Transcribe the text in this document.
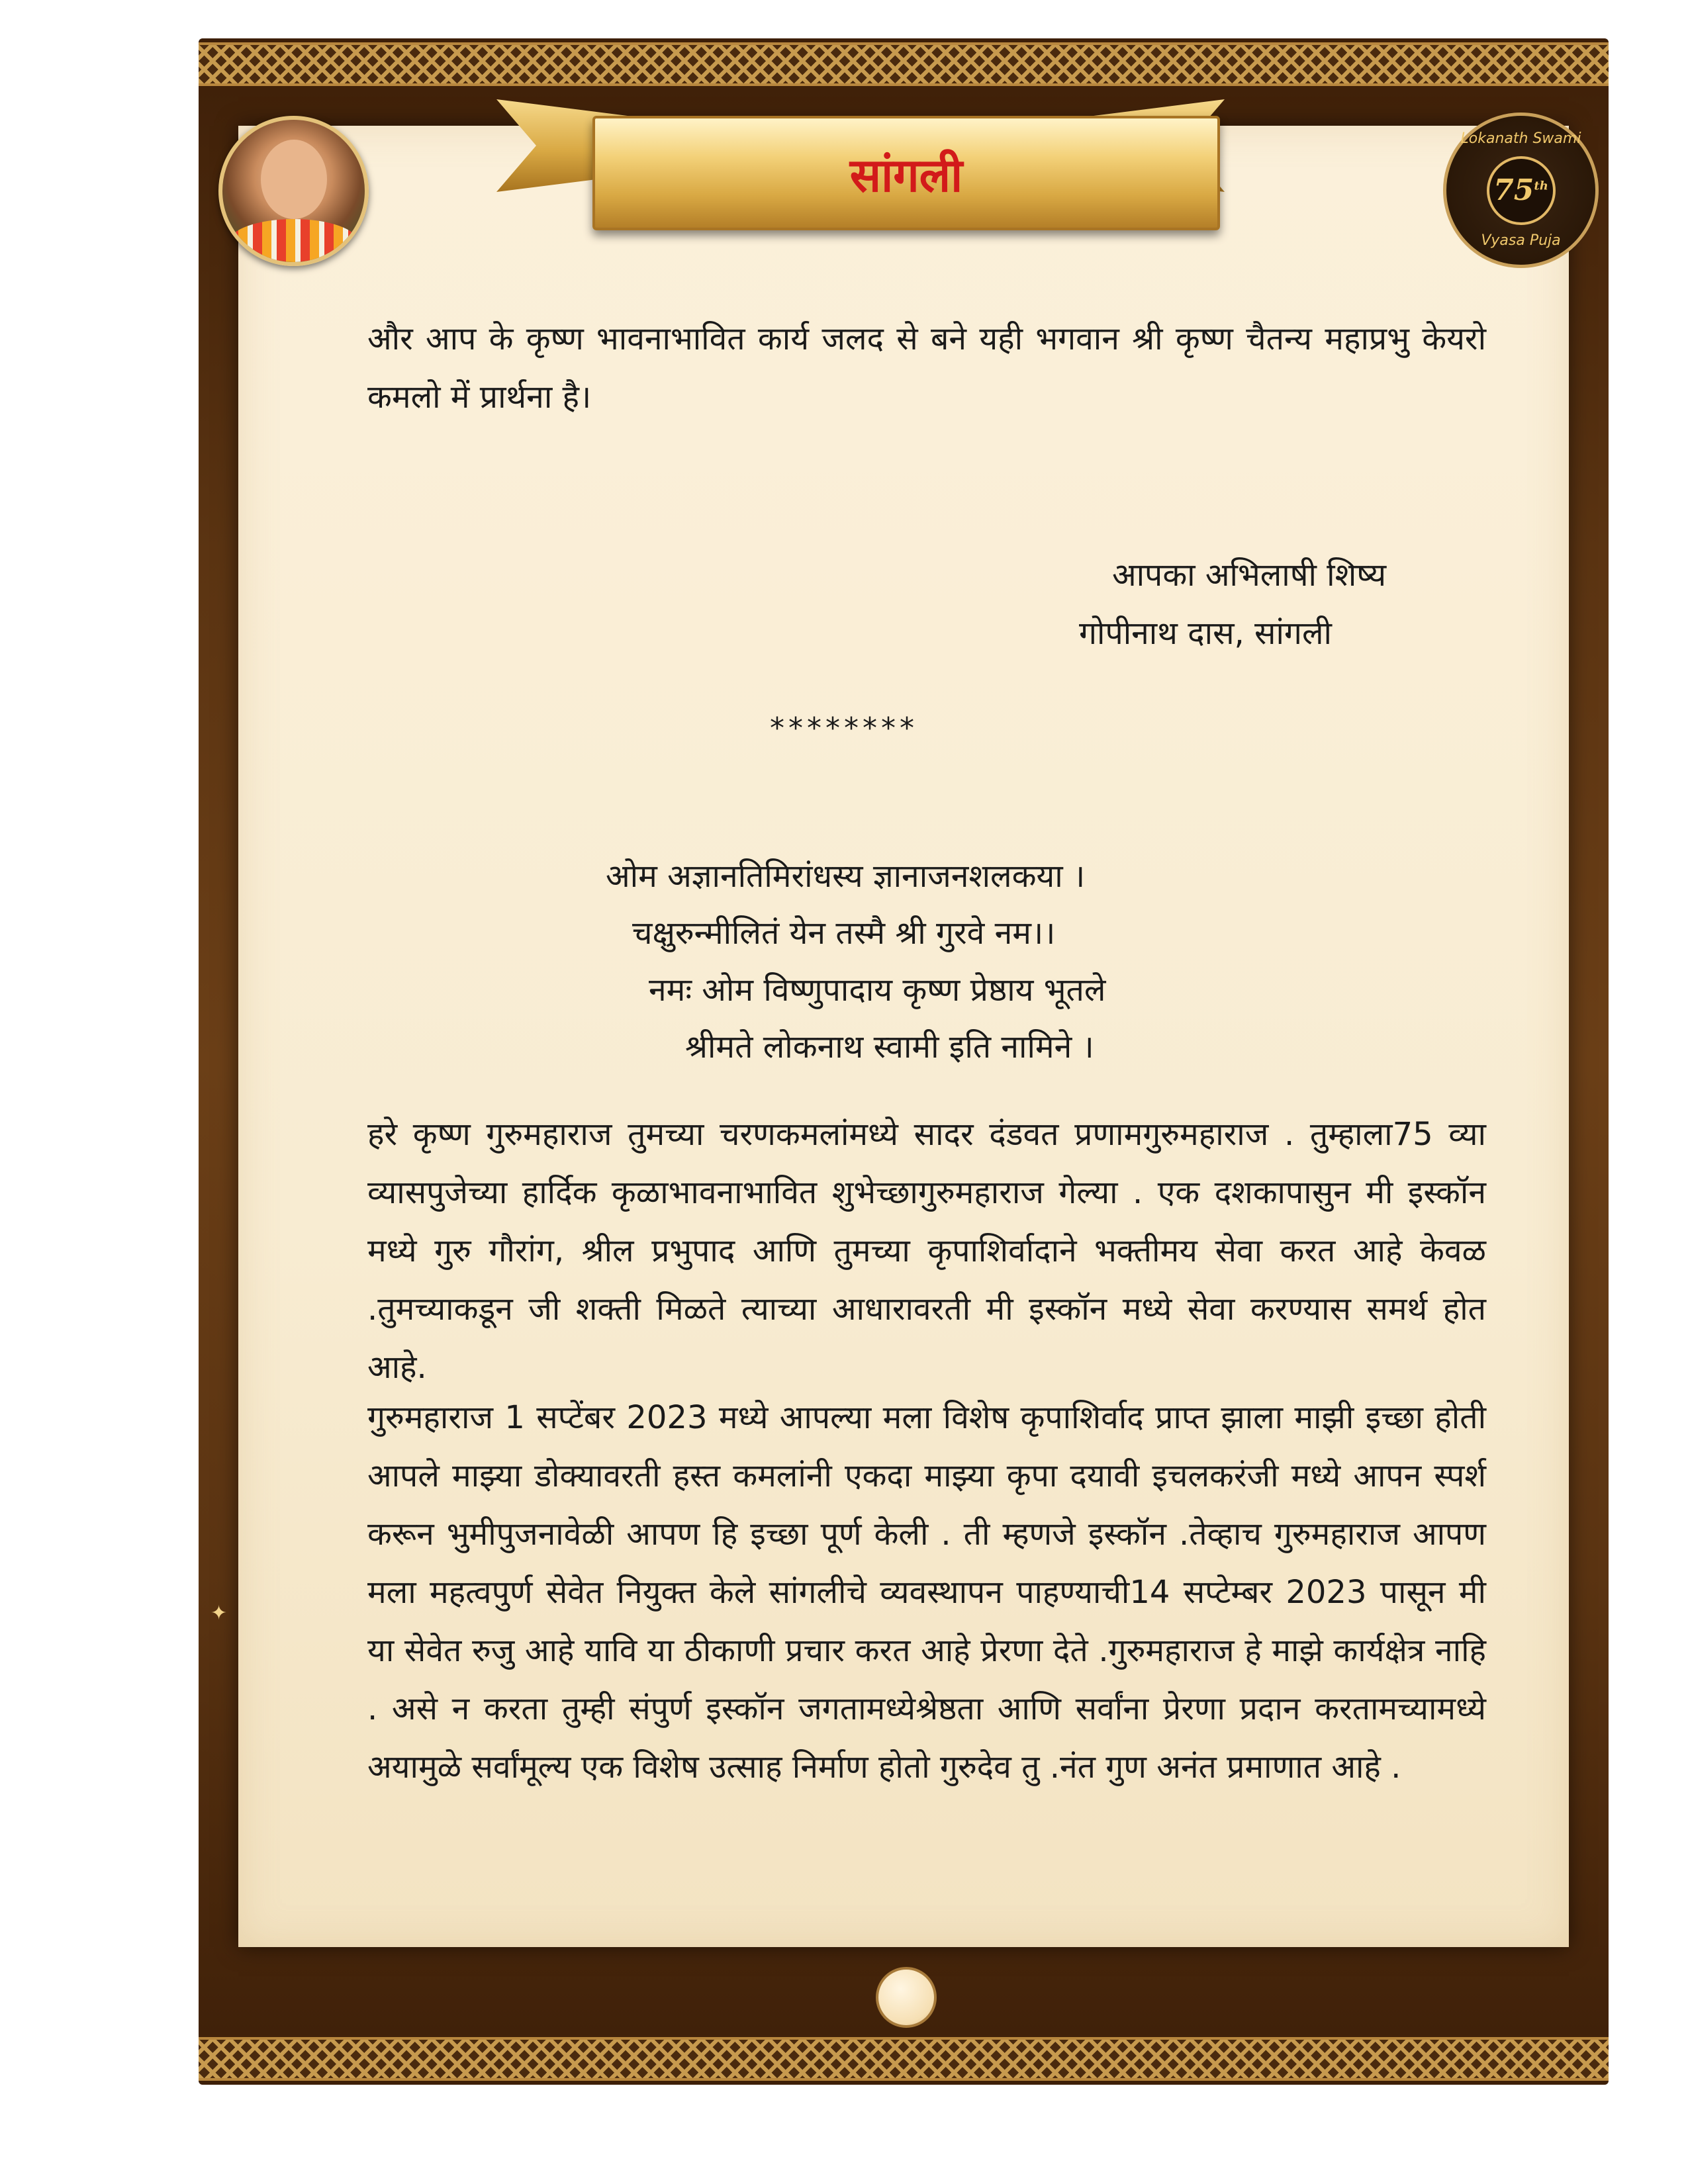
सांगली
Lokanath Swami
75th
Vyasa Puja
और आप के कृष्ण भावनाभावित कार्य जलद से बने यही भगवान श्री कृष्ण चैतन्य महाप्रभु केयरो कमलो में प्रार्थना है।
आपका अभिलाषी शिष्य
गोपीनाथ दास, सांगली
********
ओम अज्ञानतिमिरांधस्य ज्ञानाजनशलकया ।
चक्षुरुन्मीलितं येन तस्मै श्री गुरवे नम।।
नमः ओम विष्णुपादाय कृष्ण प्रेष्ठाय भूतले
श्रीमते लोकनाथ स्वामी इति नामिने ।
हरे कृष्ण गुरुमहाराज तुमच्या चरणकमलांमध्ये सादर दंडवत प्रणामगुरुमहाराज . तुम्हाला75 व्या व्यासपुजेच्या हार्दिक कृळाभावनाभावित शुभेच्छागुरुमहाराज गेल्या . एक दशकापासुन मी इस्कॉन मध्ये गुरु गौरांग, श्रील प्रभुपाद आणि तुमच्या कृपाशिर्वादाने भक्तीमय सेवा करत आहे केवळ .तुमच्याकडून जी शक्ती मिळते त्याच्या आधारावरती मी इस्कॉन मध्ये सेवा करण्यास समर्थ होत आहे.
गुरुमहाराज 1 सप्टेंबर 2023 मध्ये आपल्या मला विशेष कृपाशिर्वाद प्राप्त झाला माझी इच्छा होती आपले माझ्या डोक्यावरती हस्त कमलांनी एकदा माझ्या कृपा दयावी इचलकरंजी मध्ये आपन स्पर्श करून भुमीपुजनावेळी आपण हि इच्छा पूर्ण केली . ती म्हणजे इस्कॉन .तेव्हाच गुरुमहाराज आपण मला महत्वपुर्ण सेवेत नियुक्त केले सांगलीचे व्यवस्थापन पाहण्याची14 सप्टेम्बर 2023 पासून मी या सेवेत रुजु आहे यावि या ठीकाणी प्रचार करत आहे प्रेरणा देते .गुरुमहाराज हे माझे कार्यक्षेत्र नाहि . असे न करता तुम्ही संपुर्ण इस्कॉन जगतामध्येश्रेष्ठता आणि सर्वांना प्रेरणा प्रदान करतामच्यामध्ये अयामुळे सर्वांमूल्य एक विशेष उत्साह निर्माण होतो गुरुदेव तु .नंत गुण अनंत प्रमाणात आहे .
✦
